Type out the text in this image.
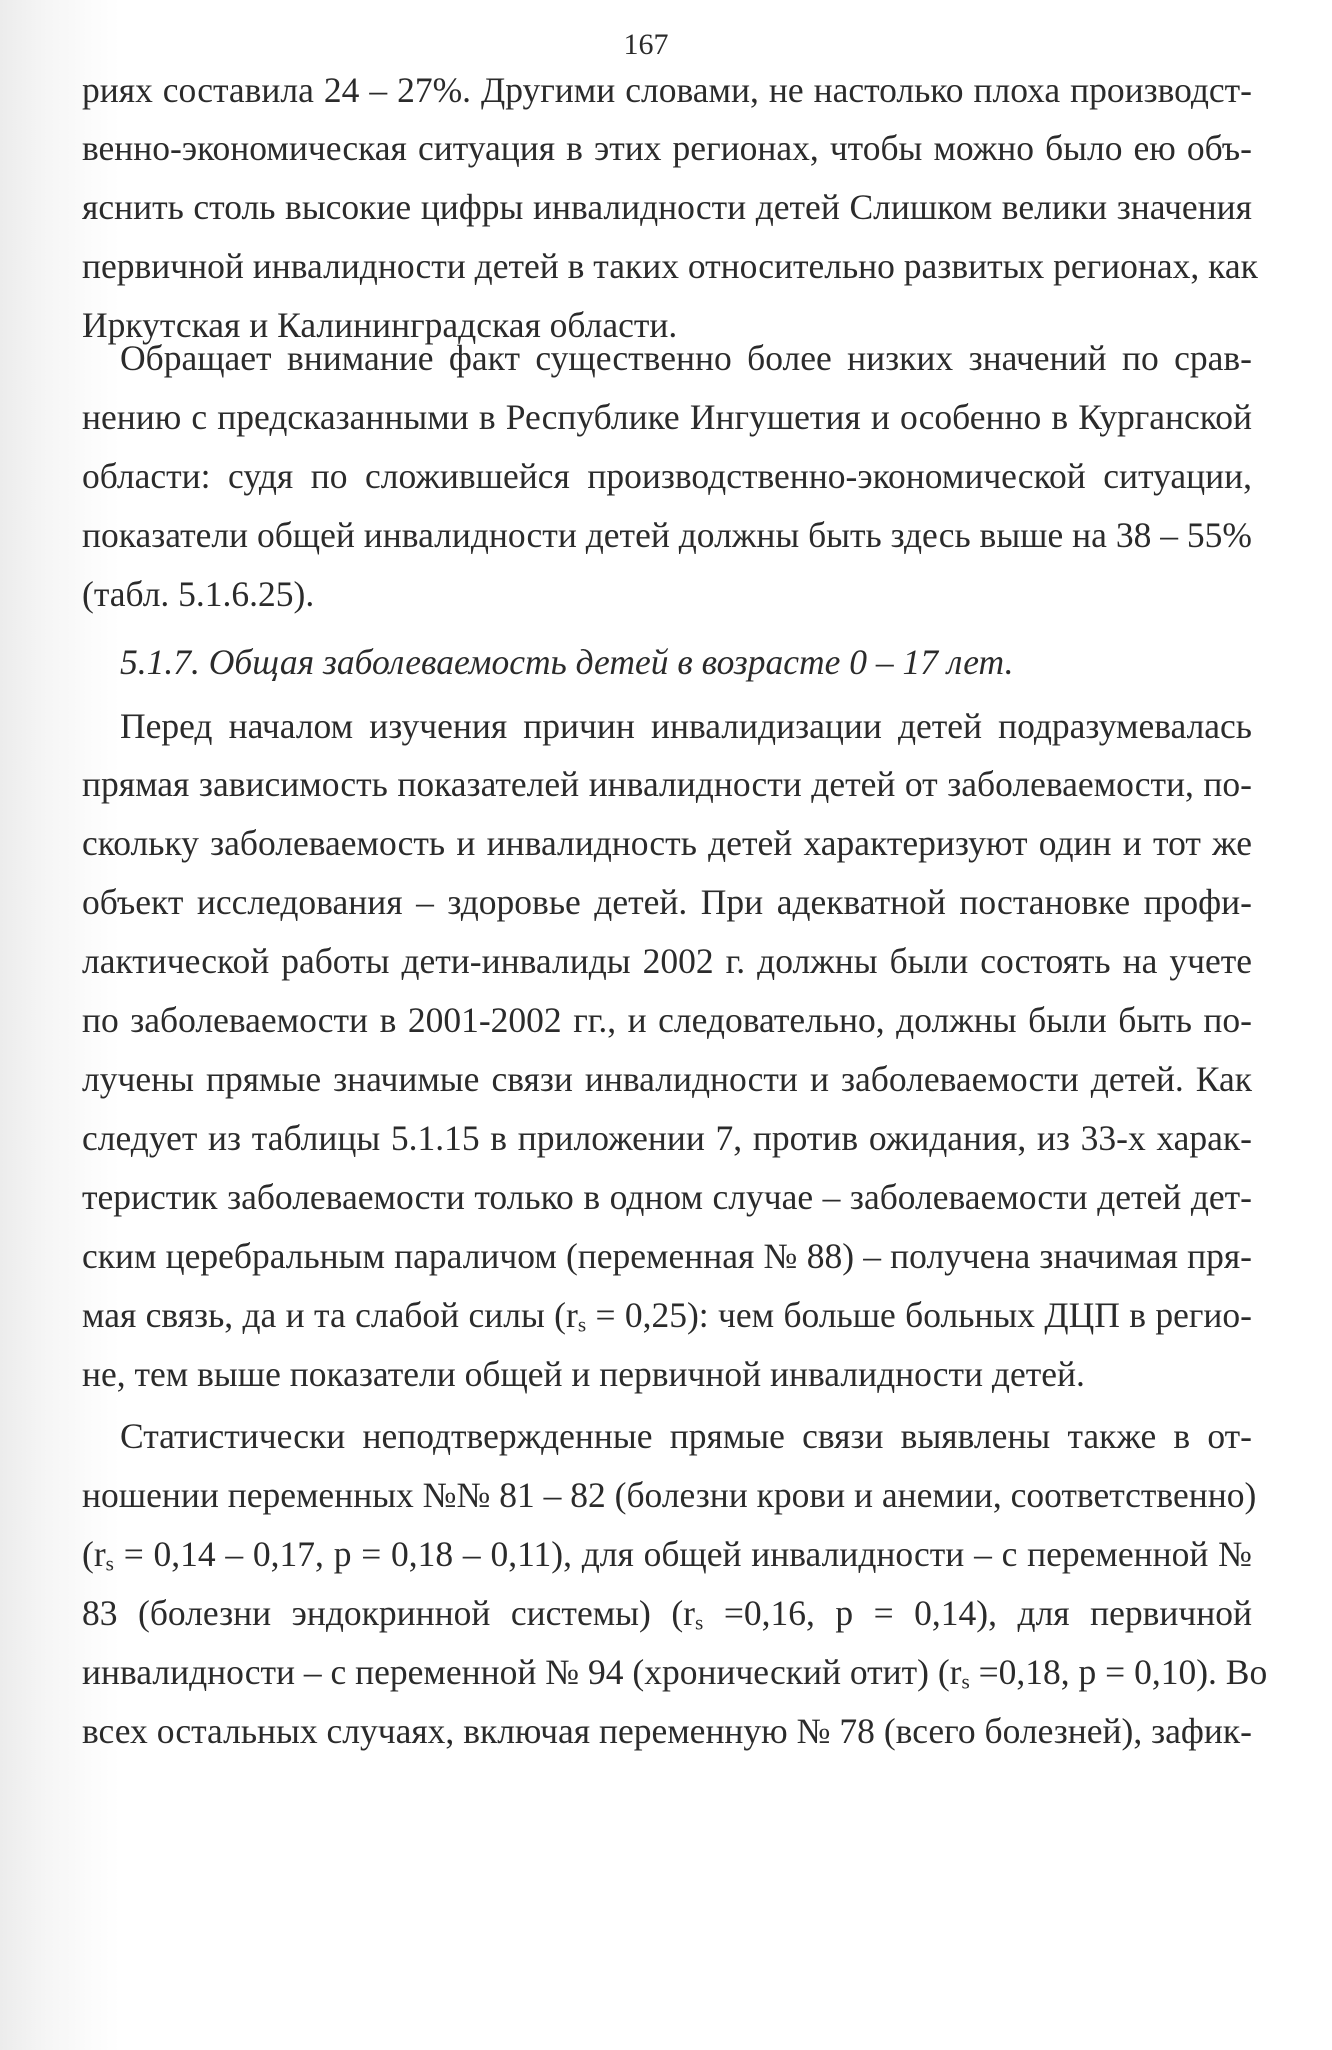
167
риях составила 24 – 27%. Другими словами, не настолько плоха производст-
венно-экономическая ситуация в этих регионах, чтобы можно было ею объ-
яснить столь высокие цифры инвалидности детей Слишком велики значения
первичной инвалидности детей в таких относительно развитых регионах, как
Иркутская и Калининградская области.
Обращает внимание факт существенно более низких значений по срав-
нению с предсказанными в Республике Ингушетия и особенно в Курганской
области: судя по сложившейся производственно-экономической ситуации,
показатели общей инвалидности детей должны быть здесь выше на 38 – 55%
(табл. 5.1.6.25).
5.1.7. Общая заболеваемость детей в возрасте 0 – 17 лет.
Перед началом изучения причин инвалидизации детей подразумевалась
прямая зависимость показателей инвалидности детей от заболеваемости, по-
скольку заболеваемость и инвалидность детей характеризуют один и тот же
объект исследования – здоровье детей. При адекватной постановке профи-
лактической работы дети-инвалиды 2002 г. должны были состоять на учете
по заболеваемости в 2001-2002 гг., и следовательно, должны были быть по-
лучены прямые значимые связи инвалидности и заболеваемости детей. Как
следует из таблицы 5.1.15 в приложении 7, против ожидания, из 33-х харак-
теристик заболеваемости только в одном случае – заболеваемости детей дет-
ским церебральным параличом (переменная № 88) – получена значимая пря-
мая связь, да и та слабой силы $(r_s = 0,25)$: чем больше больных ДЦП в регио-
не, тем выше показатели общей и первичной инвалидности детей.
Статистически неподтвержденные прямые связи выявлены также в от-
ношении переменных №№ 81 – 82 (болезни крови и анемии, соответственно)
($r_s = 0,14 - 0,17$, р = 0,18 – 0,11), для общей инвалидности – с переменной №
83 (болезни эндокринной системы) ($r_s =0,16$, р = 0,14), для первичной
инвалидности – с переменной № 94 (хронический отит) ($r_s =0,18$, р = 0,10). Во
всех остальных случаях, включая переменную № 78 (всего болезней), зафик-
